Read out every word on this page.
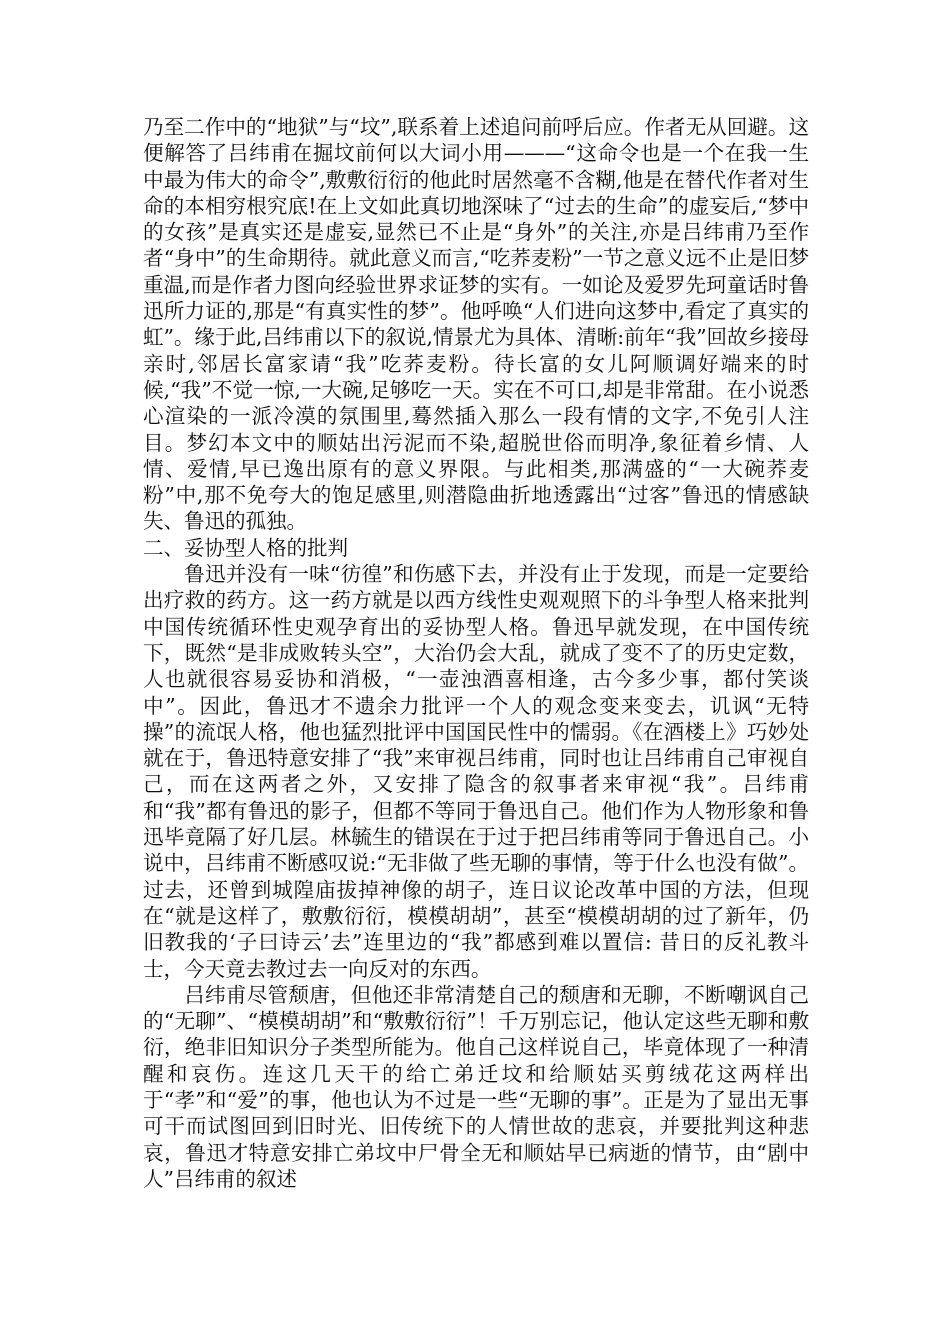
乃至二作中的“地狱”与“坟”,联系着上述追问前呼后应。作者无从回避。这便解答了吕纬甫在掘坟前何以大词小用———“这命令也是一个在我一生中最为伟大的命令”,敷敷衍衍的他此时居然毫不含糊,他是在替代作者对生命的本相穷根究底!在上文如此真切地深味了“过去的生命”的虚妄后,“梦中的女孩”是真实还是虚妄,显然已不止是“身外”的关注,亦是吕纬甫乃至作者“身中”的生命期待。就此意义而言,“吃荞麦粉”一节之意义远不止是旧梦重温,而是作者力图向经验世界求证梦的实有。一如论及爱罗先珂童话时鲁迅所力证的,那是“有真实性的梦”。他呼唤“人们进向这梦中,看定了真实的虹”。缘于此,吕纬甫以下的叙说,情景尤为具体、清晰:前年“我”回故乡接母亲时,邻居长富家请“我”吃荞麦粉。待长富的女儿阿顺调好端来的时候,“我”不觉一惊,一大碗,足够吃一天。实在不可口,却是非常甜。在小说悉心渲染的一派冷漠的氛围里,蓦然插入那么一段有情的文字,不免引人注目。梦幻本文中的顺姑出污泥而不染,超脱世俗而明净,象征着乡情、人情、爱情,早已逸出原有的意义界限。与此相类,那满盛的“一大碗荞麦粉”中,那不免夸大的饱足感里,则潜隐曲折地透露出“过客”鲁迅的情感缺失、鲁迅的孤独。

二、妥协型人格的批判

鲁迅并没有一味“彷徨”和伤感下去，并没有止于发现，而是一定要给出疗救的药方。这一药方就是以西方线性史观观照下的斗争型人格来批判中国传统循环性史观孕育出的妥协型人格。鲁迅早就发现，在中国传统下，既然“是非成败转头空”，大治仍会大乱，就成了变不了的历史定数，人也就很容易妥协和消极，“一壶浊酒喜相逢，古今多少事，都付笑谈中”。因此，鲁迅才不遗余力批评一个人的观念变来变去，讥讽“无特操”的流氓人格，他也猛烈批评中国国民性中的懦弱。《在酒楼上》巧妙处就在于，鲁迅特意安排了“我”来审视吕纬甫，同时也让吕纬甫自己审视自己，而在这两者之外，又安排了隐含的叙事者来审视“我”。吕纬甫和“我”都有鲁迅的影子，但都不等同于鲁迅自己。他们作为人物形象和鲁迅毕竟隔了好几层。林毓生的错误在于过于把吕纬甫等同于鲁迅自己。小说中，吕纬甫不断感叹说:“无非做了些无聊的事情，等于什么也没有做”。过去，还曾到城隍庙拔掉神像的胡子，连日议论改革中国的方法，但现在“就是这样了，敷敷衍衍，模模胡胡”，甚至“模模胡胡的过了新年，仍旧教我的‘子曰诗云’去”连里边的“我”都感到难以置信: 昔日的反礼教斗士，今天竟去教过去一向反对的东西。

吕纬甫尽管颓唐，但他还非常清楚自己的颓唐和无聊，不断嘲讽自己的“无聊”、“模模胡胡”和“敷敷衍衍”！千万别忘记，他认定这些无聊和敷衍，绝非旧知识分子类型所能为。他自己这样说自己，毕竟体现了一种清醒和哀伤。连这几天干的给亡弟迁坟和给顺姑买剪绒花这两样出于“孝”和“爱”的事，他也认为不过是一些“无聊的事”。正是为了显出无事可干而试图回到旧时光、旧传统下的人情世故的悲哀，并要批判这种悲哀，鲁迅才特意安排亡弟坟中尸骨全无和顺姑早已病逝的情节，由“剧中人”吕纬甫的叙述
